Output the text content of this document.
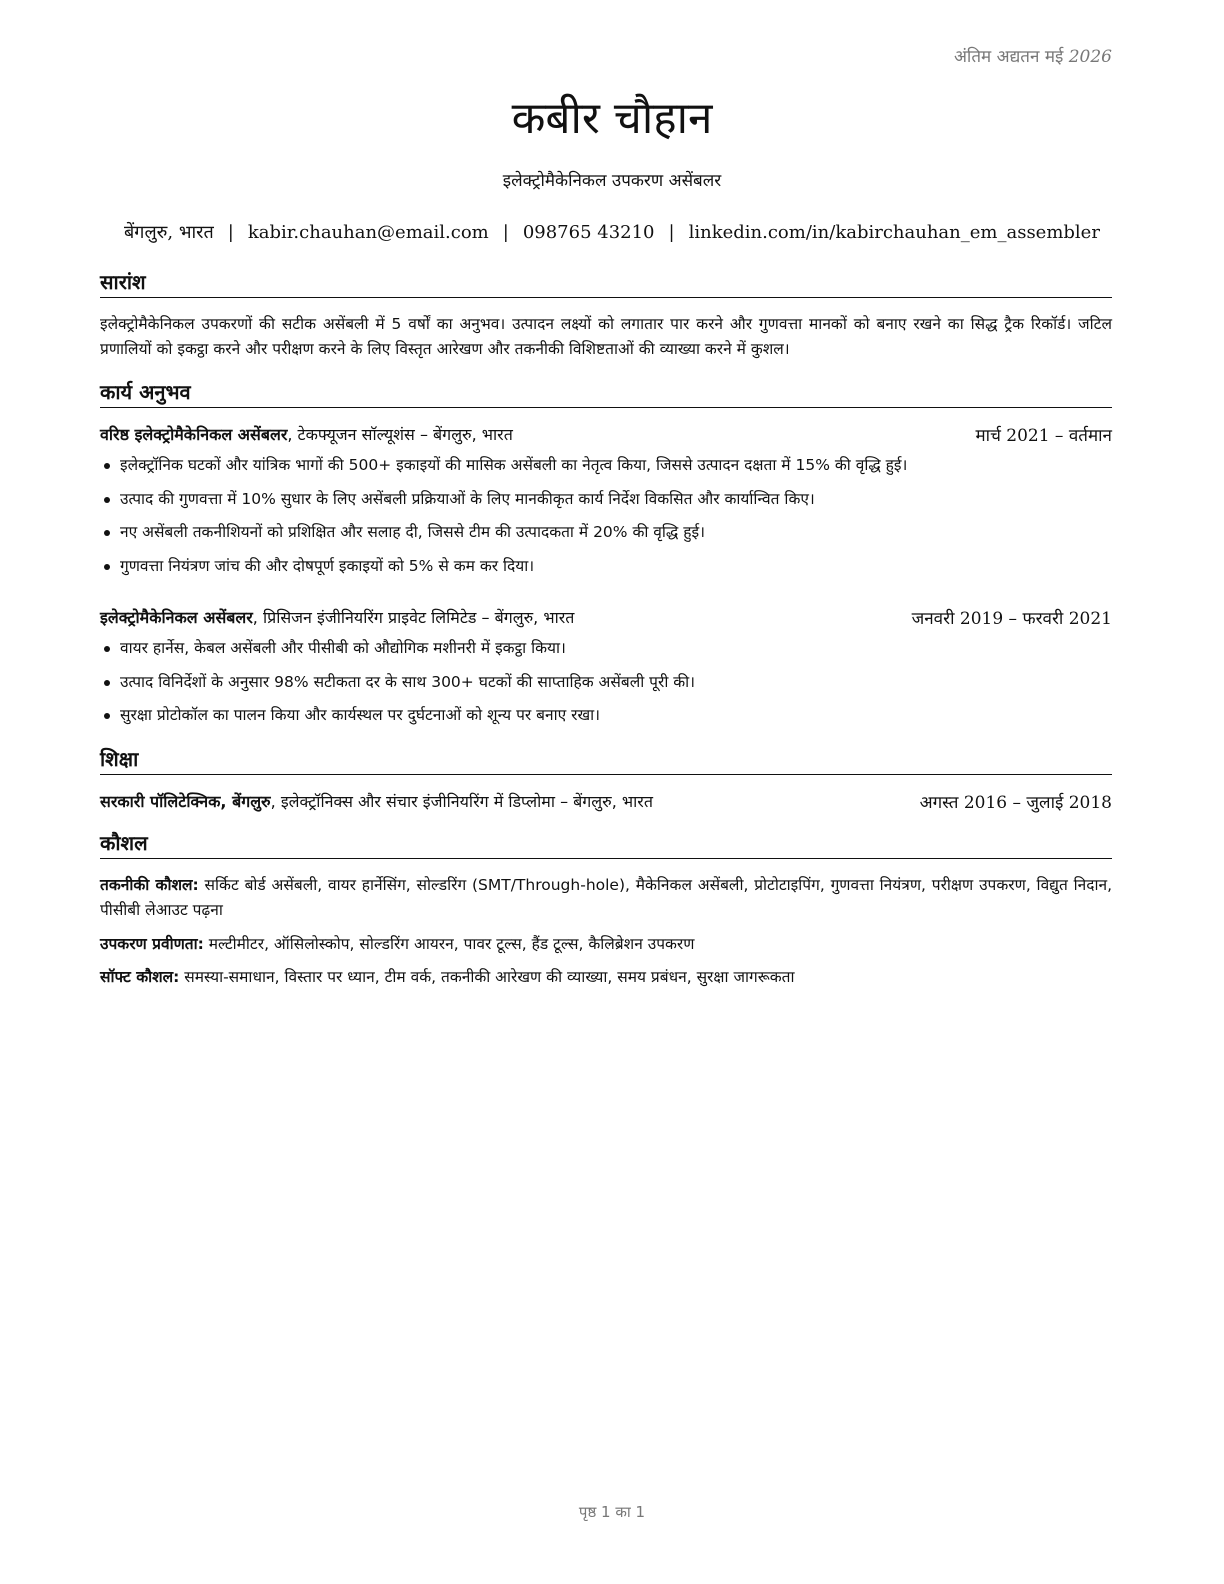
अंतिम अद्यतन मई 2026
कबीर चौहान
इलेक्ट्रोमैकेनिकल उपकरण असेंबलर
बेंगलुरु, भारत | kabir.chauhan@email.com | 098765 43210 | linkedin.com/in/kabirchauhan_em_assembler
सारांश
इलेक्ट्रोमैकेनिकल उपकरणों की सटीक असेंबली में 5 वर्षों का अनुभव। उत्पादन लक्ष्यों को लगातार पार करने और गुणवत्ता मानकों को बनाए रखने का सिद्ध ट्रैक रिकॉर्ड। जटिल प्रणालियों को इकट्ठा करने और परीक्षण करने के लिए विस्तृत आरेखण और तकनीकी विशिष्टताओं की व्याख्या करने में कुशल।
कार्य अनुभव
वरिष्ठ इलेक्ट्रोमैकेनिकल असेंबलर, टेकफ्यूजन सॉल्यूशंस – बेंगलुरु, भारत	मार्च 2021 – वर्तमान
इलेक्ट्रॉनिक घटकों और यांत्रिक भागों की 500+ इकाइयों की मासिक असेंबली का नेतृत्व किया, जिससे उत्पादन दक्षता में 15% की वृद्धि हुई।
उत्पाद की गुणवत्ता में 10% सुधार के लिए असेंबली प्रक्रियाओं के लिए मानकीकृत कार्य निर्देश विकसित और कार्यान्वित किए।
नए असेंबली तकनीशियनों को प्रशिक्षित और सलाह दी, जिससे टीम की उत्पादकता में 20% की वृद्धि हुई।
गुणवत्ता नियंत्रण जांच की और दोषपूर्ण इकाइयों को 5% से कम कर दिया।
इलेक्ट्रोमैकेनिकल असेंबलर, प्रिसिजन इंजीनियरिंग प्राइवेट लिमिटेड – बेंगलुरु, भारत	जनवरी 2019 – फरवरी 2021
वायर हार्नेस, केबल असेंबली और पीसीबी को औद्योगिक मशीनरी में इकट्ठा किया।
उत्पाद विनिर्देशों के अनुसार 98% सटीकता दर के साथ 300+ घटकों की साप्ताहिक असेंबली पूरी की।
सुरक्षा प्रोटोकॉल का पालन किया और कार्यस्थल पर दुर्घटनाओं को शून्य पर बनाए रखा।
शिक्षा
सरकारी पॉलिटेक्निक, बेंगलुरु, इलेक्ट्रॉनिक्स और संचार इंजीनियरिंग में डिप्लोमा – बेंगलुरु, भारत	अगस्त 2016 – जुलाई 2018
कौशल
तकनीकी कौशल: सर्किट बोर्ड असेंबली, वायर हार्नेसिंग, सोल्डरिंग (SMT/Through-hole), मैकेनिकल असेंबली, प्रोटोटाइपिंग, गुणवत्ता नियंत्रण, परीक्षण उपकरण, विद्युत निदान, पीसीबी लेआउट पढ़ना
उपकरण प्रवीणता: मल्टीमीटर, ऑसिलोस्कोप, सोल्डरिंग आयरन, पावर टूल्स, हैंड टूल्स, कैलिब्रेशन उपकरण
सॉफ्ट कौशल: समस्या-समाधान, विस्तार पर ध्यान, टीम वर्क, तकनीकी आरेखण की व्याख्या, समय प्रबंधन, सुरक्षा जागरूकता
पृष्ठ 1 का 1
